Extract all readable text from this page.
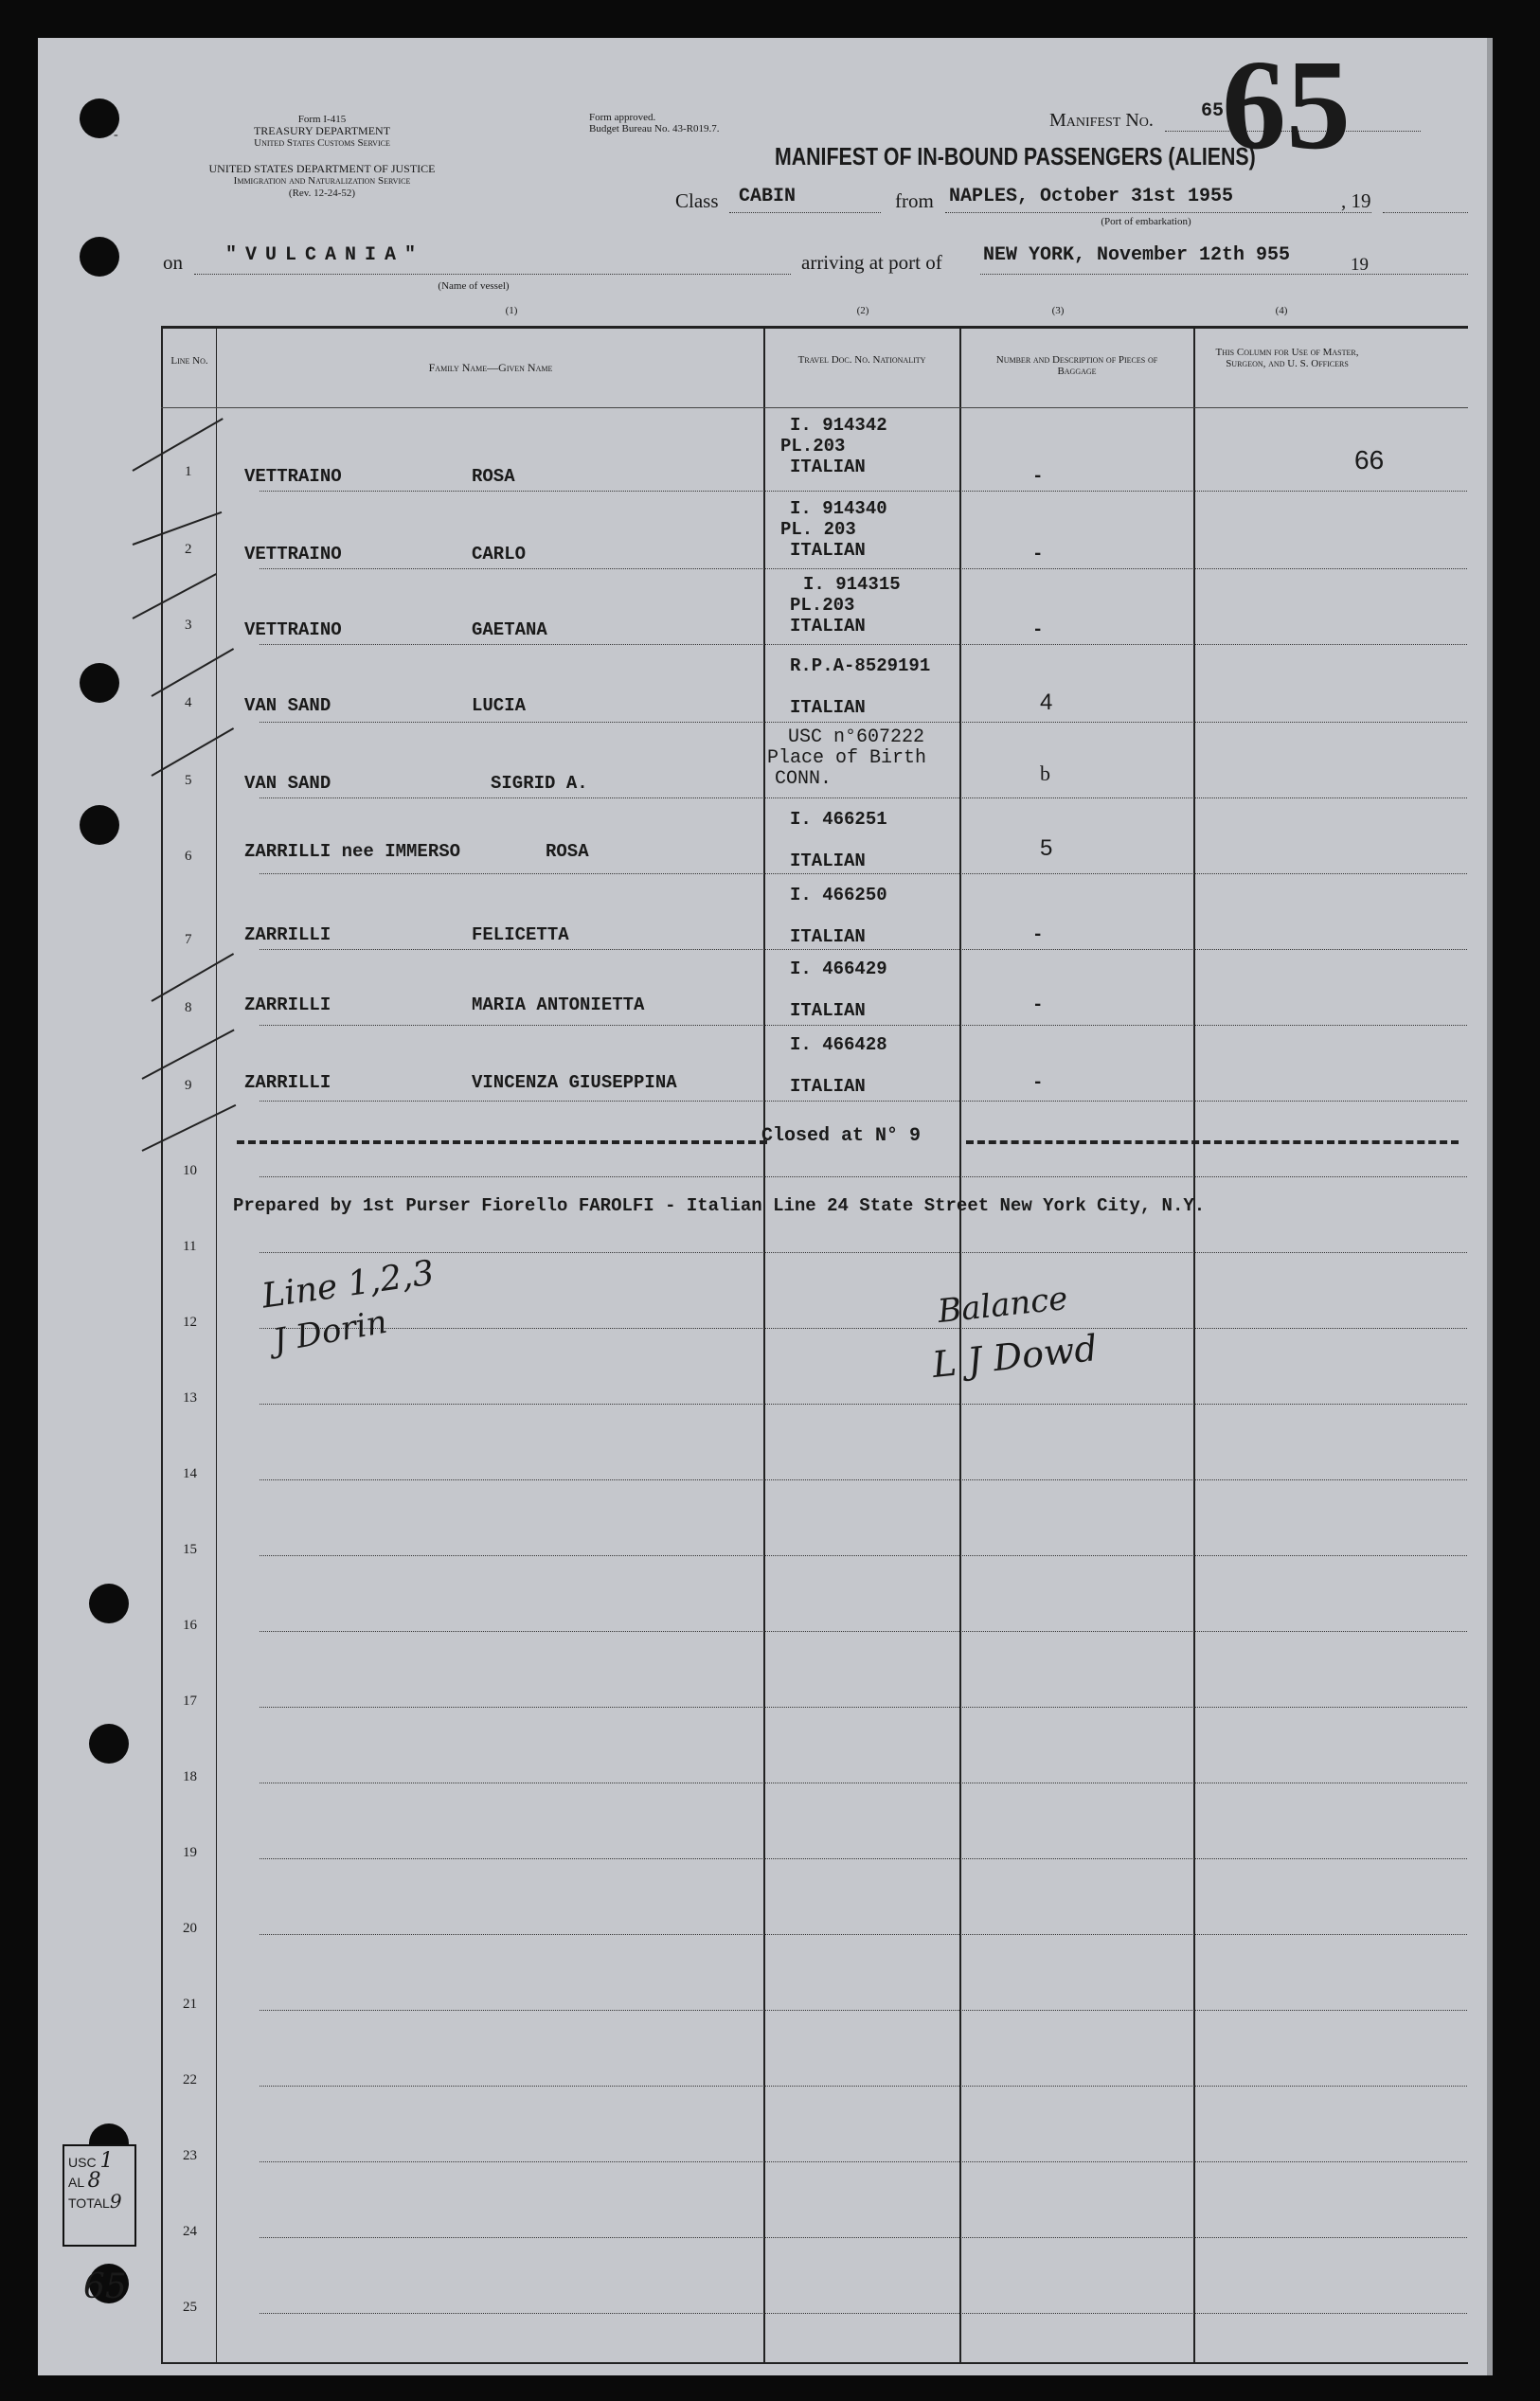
Form I-415
TREASURY DEPARTMENT
United States Customs Service
UNITED STATES DEPARTMENT OF JUSTICE
Immigration and Naturalization Service
(Rev. 12-24-52)
-
Form approved.
Budget Bureau No. 43-R019.7.	Manifest No.	65
65
MANIFEST OF IN-BOUND PASSENGERS (ALIENS)
Class CABIN	from NAPLES, October 31st 1955	, 19
(Port of embarkation)
on "VULCANIA"
(Name of vessel)
arriving at port of NEW YORK, November 12th 955	19
(1)	(2)	(3)	(4)
Line No.	Family Name—Given Name
Travel Doc. No. Nationality	Number and Description of Pieces of Baggage
This Column for Use of Master, Surgeon, and U. S. Officers
1	VETTRAINO	ROSA
I. 914342
PL.203
ITALIAN	-
66
2	VETTRAINO	CARLO
I. 914340
PL. 203
ITALIAN	-
3	VETTRAINO	GAETANA
I. 914315
PL.203
ITALIAN	-
4	VAN SAND	LUCIA
R.P.A-8529191
ITALIAN	4
5	VAN SAND	SIGRID A.
USC n°607222
Place of Birth
CONN.	b
6	ZARRILLI nee IMMERSO	ROSA
I. 466251
ITALIAN	5
7	ZARRILLI	FELICETTA
I. 466250
ITALIAN	-
8	ZARRILLI	MARIA ANTONIETTA
I. 466429
ITALIAN	-
9	ZARRILLI	VINCENZA GIUSEPPINA
I. 466428
ITALIAN	-
Closed at N° 9
Prepared by 1st Purser Fiorello FAROLFI - Italian Line 24 State Street New York City, N.Y.
10
11
12
13
14
15
16
17
18
19
20
21
22
23
24
25
Line 1,2,3
J Dorin	Balance
L J Dowd
USC 1
AL 8
TOTAL9
65
